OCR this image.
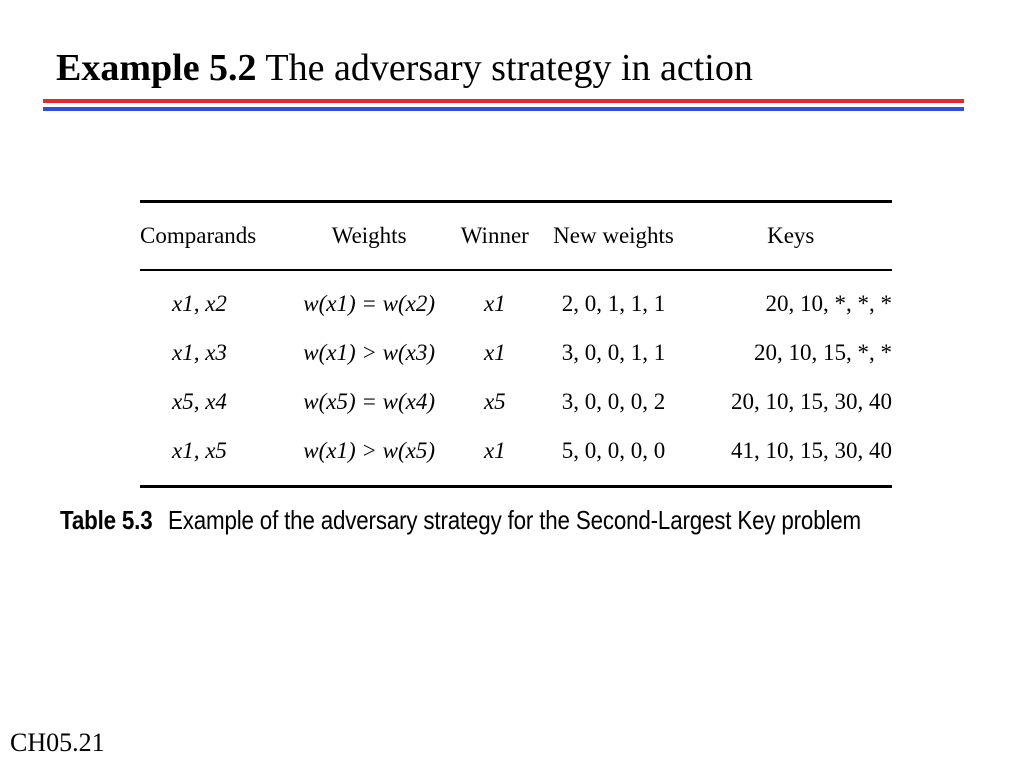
Example 5.2 The adversary strategy in action
Comparands	Weights	Winner	New weights	Keys
x1, x2	w(x1) = w(x2)	x1	2, 0, 1, 1, 1	20, 10, *, *, *
x1, x3	w(x1) > w(x3)	x1	3, 0, 0, 1, 1	20, 10, 15, *, *
x5, x4	w(x5) = w(x4)	x5	3, 0, 0, 0, 2	20, 10, 15, 30, 40
x1, x5	w(x1) > w(x5)	x1	5, 0, 0, 0, 0	41, 10, 15, 30, 40
Table 5.3 Example of the adversary strategy for the Second-Largest Key problem
CH05.21
